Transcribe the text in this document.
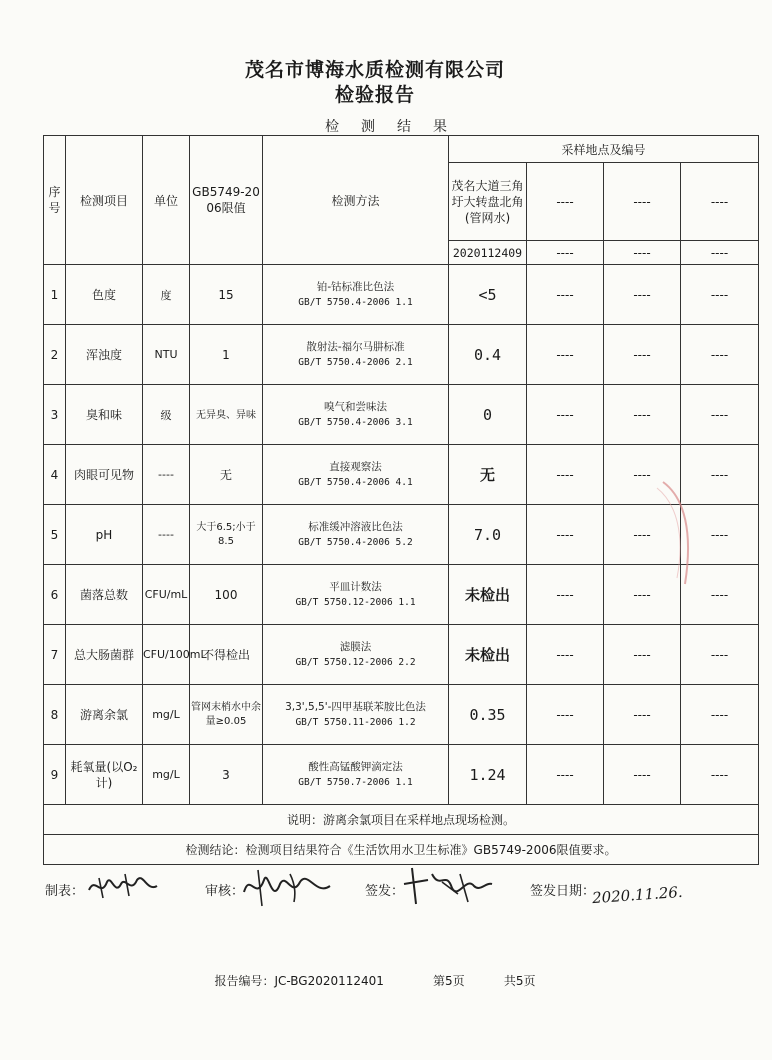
茂名市博海水质检测有限公司
检验报告
检测结果
序号	检测项目	单位	GB5749-2006限值	检测方法	采样地点及编号			
					茂名大道三角圩大转盘北角(管网水)	----	----	----
					2020112409	----	----	----
1	色度	度	15	铂-钴标准比色法
GB/T 5750.4-2006 1.1	<5	----	----	----
2	浑浊度	NTU	1	散射法-福尔马肼标准
GB/T 5750.4-2006 2.1	0.4	----	----	----
3	臭和味	级	无异臭、异味	嗅气和尝味法
GB/T 5750.4-2006 3.1	0	----	----	----
4	肉眼可见物	----	无	直接观察法
GB/T 5750.4-2006 4.1	无	----	----	----
5	pH	----	大于6.5;小于8.5	标准缓冲溶液比色法
GB/T 5750.4-2006 5.2	7.0	----	----	----
6	菌落总数	CFU/mL	100	平皿计数法
GB/T 5750.12-2006 1.1	未检出	----	----	----
7	总大肠菌群	CFU/100mL	不得检出	滤膜法
GB/T 5750.12-2006 2.2	未检出	----	----	----
8	游离余氯	mg/L	管网末梢水中余量≥0.05	3,3',5,5'-四甲基联苯胺比色法
GB/T 5750.11-2006 1.2	0.35	----	----	----
9	耗氧量(以O₂计)	mg/L	3	酸性高锰酸钾滴定法
GB/T 5750.7-2006 1.1	1.24	----	----	----
说明：游离余氯项目在采样地点现场检测。								
检测结论：检测项目结果符合《生活饮用水卫生标准》GB5749-2006限值要求。								
制表：	审核：	签发：	签发日期：
2020.11.26.
报告编号：JC-BG2020112401	第5页	共5页
